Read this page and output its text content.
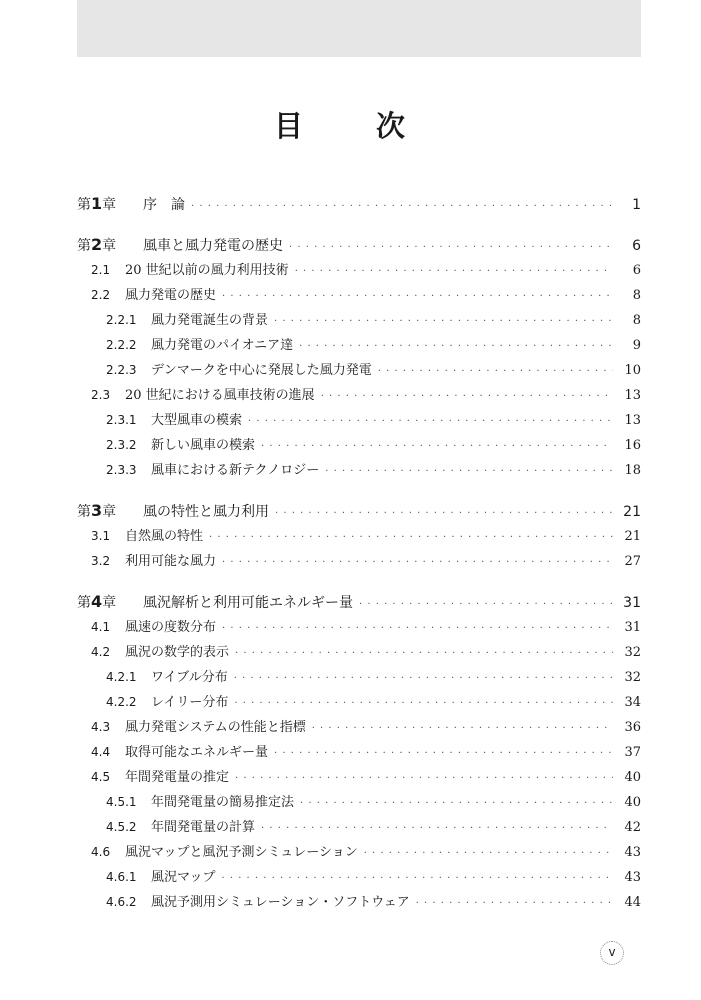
目　次
第1章	序　論 · · ·	1
第2章	風車と風力発電の歴史 · · ·	6
2.1	20 世紀以前の風力利用技術 · · ·	6
2.2	風力発電の歴史 · · ·	8
2.2.1	風力発電誕生の背景 · · ·	8
2.2.2	風力発電のパイオニア達 · · ·	9
2.2.3	デンマークを中心に発展した風力発電 · · ·	10
2.3	20 世紀における風車技術の進展 · · ·	13
2.3.1	大型風車の模索 · · ·	13
2.3.2	新しい風車の模索 · · ·	16
2.3.3	風車における新テクノロジー · · ·	18
第3章	風の特性と風力利用 · · ·	21
3.1	自然風の特性 · · ·	21
3.2	利用可能な風力 · · ·	27
第4章	風況解析と利用可能エネルギー量 · · ·	31
4.1	風速の度数分布 · · ·	31
4.2	風況の数学的表示 · · ·	32
4.2.1	ワイブル分布 · · ·	32
4.2.2	レイリー分布 · · ·	34
4.3	風力発電システムの性能と指標 · · ·	36
4.4	取得可能なエネルギー量 · · ·	37
4.5	年間発電量の推定 · · ·	40
4.5.1	年間発電量の簡易推定法 · · ·	40
4.5.2	年間発電量の計算 · · ·	42
4.6	風況マップと風況予測シミュレーション · · ·	43
4.6.1	風況マップ · · ·	43
4.6.2	風況予測用シミュレーション・ソフトウェア · · ·	44
v
